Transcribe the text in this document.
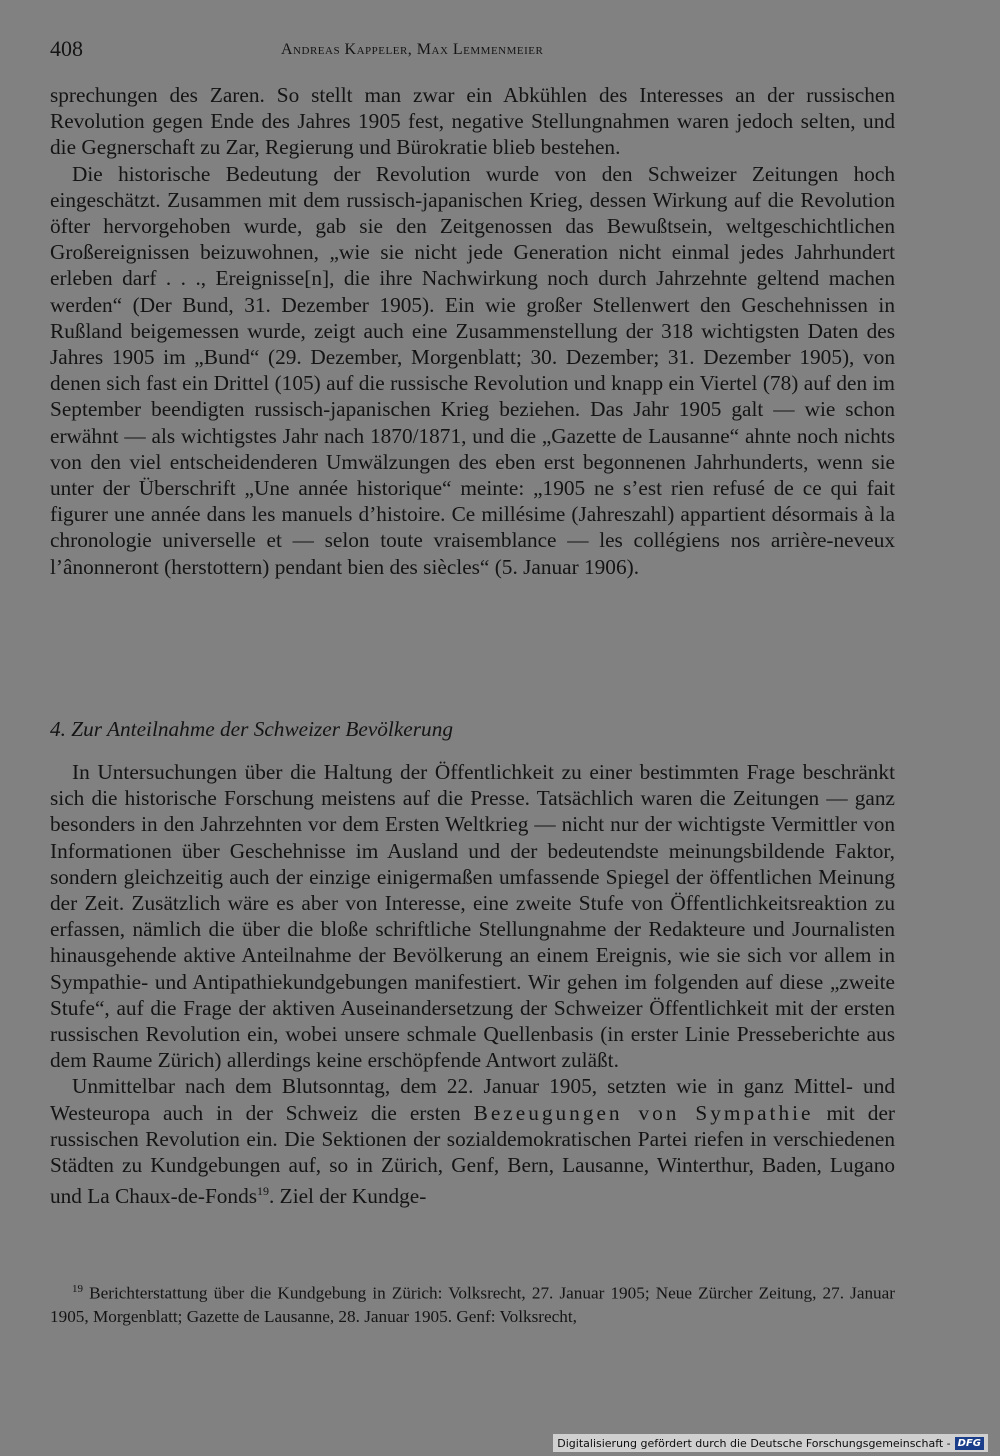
408	Andreas Kappeler, Max Lemmenmeier

sprechungen des Zaren. So stellt man zwar ein Abkühlen des Interesses an der russischen Revolution gegen Ende des Jahres 1905 fest, negative Stellungnahmen waren jedoch selten, und die Gegnerschaft zu Zar, Regierung und Bürokratie blieb bestehen.

Die historische Bedeutung der Revolution wurde von den Schweizer Zeitungen hoch eingeschätzt. Zusammen mit dem russisch-japanischen Krieg, dessen Wirkung auf die Revolution öfter hervorgehoben wurde, gab sie den Zeitgenossen das Bewußtsein, weltgeschichtlichen Großereignissen beizuwohnen, „wie sie nicht jede Generation nicht einmal jedes Jahrhundert erleben darf . . ., Ereignisse[n], die ihre Nachwirkung noch durch Jahrzehnte geltend machen werden“ (Der Bund, 31. Dezember 1905). Ein wie großer Stellenwert den Geschehnissen in Rußland beigemessen wurde, zeigt auch eine Zusammenstellung der 318 wichtigsten Daten des Jahres 1905 im „Bund“ (29. Dezember, Morgenblatt; 30. Dezember; 31. Dezember 1905), von denen sich fast ein Drittel (105) auf die russische Revolution und knapp ein Viertel (78) auf den im September beendigten russisch-japanischen Krieg beziehen. Das Jahr 1905 galt — wie schon erwähnt — als wichtigstes Jahr nach 1870/1871, und die „Gazette de Lausanne“ ahnte noch nichts von den viel entscheidenderen Umwälzungen des eben erst begonnenen Jahrhunderts, wenn sie unter der Überschrift „Une année historique“ meinte: „1905 ne s’est rien refusé de ce qui fait figurer une année dans les manuels d’histoire. Ce millésime (Jahreszahl) appartient désormais à la chronologie universelle et — selon toute vraisemblance — les collégiens nos arrière-neveux l’ânonneront (herstottern) pendant bien des siècles“ (5. Januar 1906).

4. Zur Anteilnahme der Schweizer Bevölkerung

In Untersuchungen über die Haltung der Öffentlichkeit zu einer bestimmten Frage beschränkt sich die historische Forschung meistens auf die Presse. Tatsächlich waren die Zeitungen — ganz besonders in den Jahrzehnten vor dem Ersten Weltkrieg — nicht nur der wichtigste Vermittler von Informationen über Geschehnisse im Ausland und der bedeutendste meinungsbildende Faktor, sondern gleichzeitig auch der einzige einigermaßen umfassende Spiegel der öffentlichen Meinung der Zeit. Zusätzlich wäre es aber von Interesse, eine zweite Stufe von Öffentlichkeitsreaktion zu erfassen, nämlich die über die bloße schriftliche Stellungnahme der Redakteure und Journalisten hinausgehende aktive Anteilnahme der Bevölkerung an einem Ereignis, wie sie sich vor allem in Sympathie- und Antipathiekundgebungen manifestiert. Wir gehen im folgenden auf diese „zweite Stufe“, auf die Frage der aktiven Auseinandersetzung der Schweizer Öffentlichkeit mit der ersten russischen Revolution ein, wobei unsere schmale Quellenbasis (in erster Linie Presseberichte aus dem Raume Zürich) allerdings keine erschöpfende Antwort zuläßt.

Unmittelbar nach dem Blutsonntag, dem 22. Januar 1905, setzten wie in ganz Mittel- und Westeuropa auch in der Schweiz die ersten Bezeugungen von Sympathie mit der russischen Revolution ein. Die Sektionen der sozialdemokratischen Partei riefen in verschiedenen Städten zu Kundgebungen auf, so in Zürich, Genf, Bern, Lausanne, Winterthur, Baden, Lugano und La Chaux-de-Fonds$^{19}$. Ziel der Kundge-

$^{19}$ Berichterstattung über die Kundgebung in Zürich: Volksrecht, 27. Januar 1905; Neue Zürcher Zeitung, 27. Januar 1905, Morgenblatt; Gazette de Lausanne, 28. Januar 1905. Genf: Volksrecht,
Digitalisierung gefördert durch die Deutsche Forschungsgemeinschaft - DFG
